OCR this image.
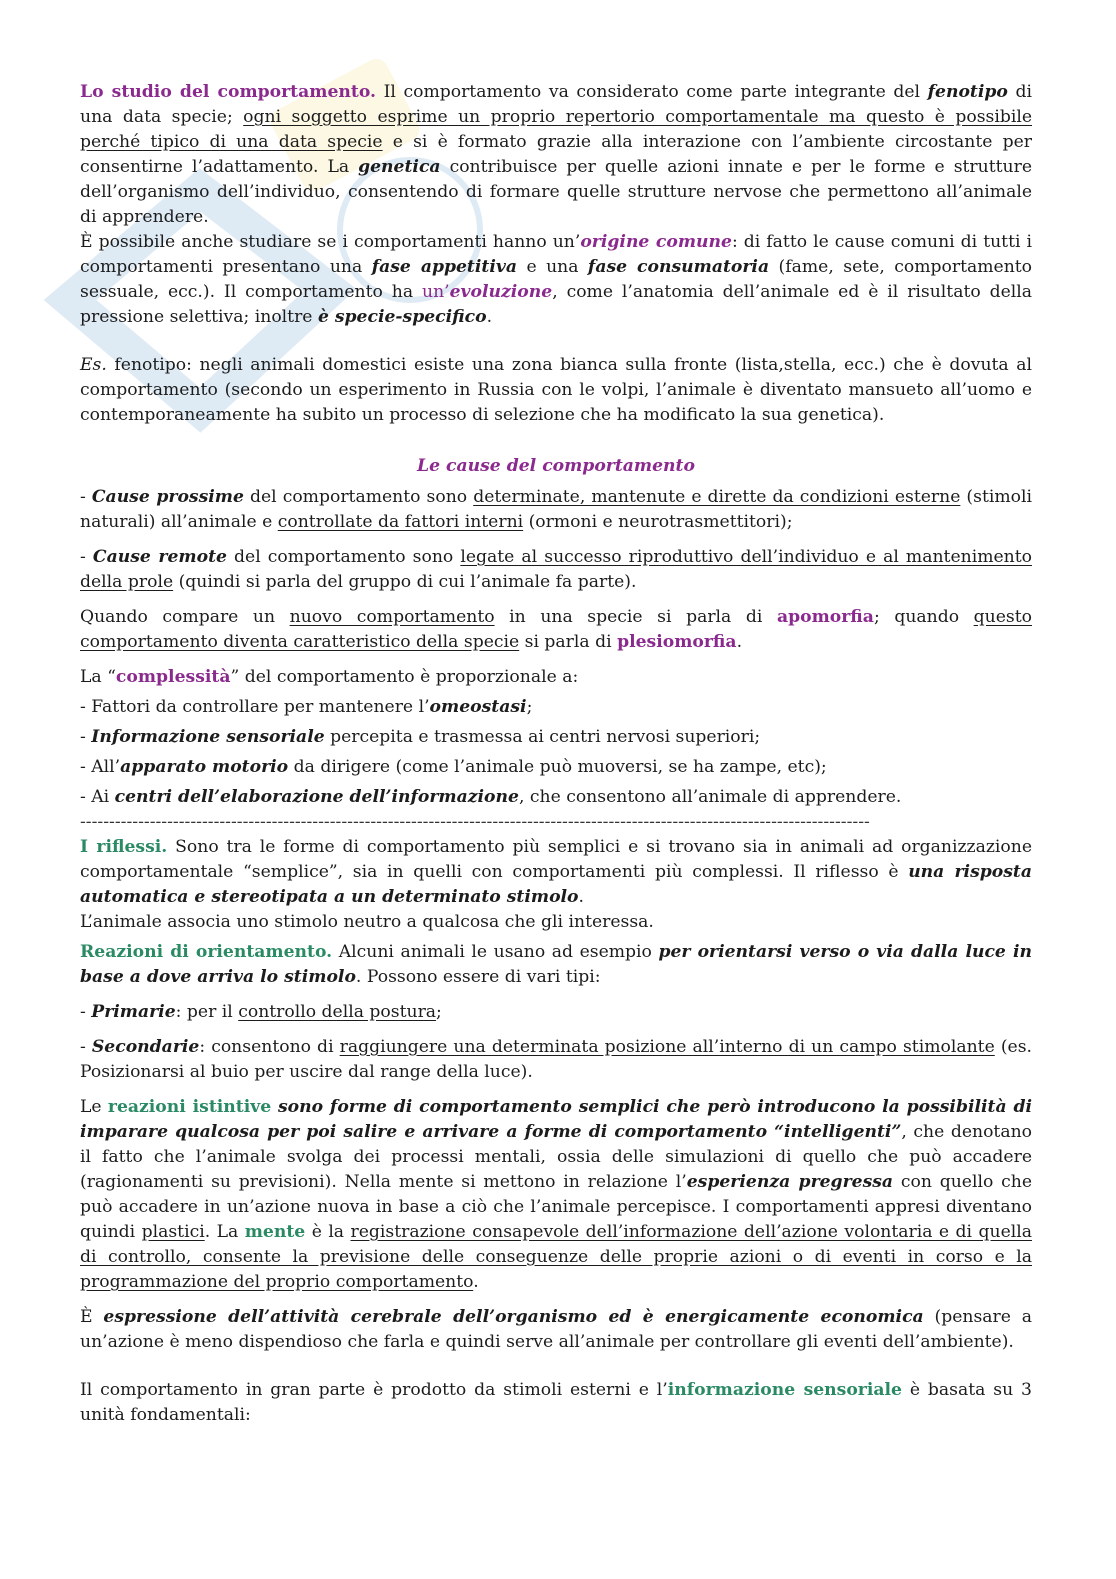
Lo studio del comportamento. Il comportamento va considerato come parte integrante del fenotipo di una data specie; ogni soggetto esprime un proprio repertorio comportamentale ma questo è possibile perché tipico di una data specie e si è formato grazie alla interazione con l’ambiente circostante per consentirne l’adattamento. La genetica contribuisce per quelle azioni innate e per le forme e strutture dell’organismo dell’individuo, consentendo di formare quelle strutture nervose che permettono all’animale di apprendere.

È possibile anche studiare se i comportamenti hanno un’origine comune: di fatto le cause comuni di tutti i comportamenti presentano una fase appetitiva e una fase consumatoria (fame, sete, comportamento sessuale, ecc.). Il comportamento ha un’evoluzione, come l’anatomia dell’animale ed è il risultato della pressione selettiva; inoltre è specie-specifico.

Es. fenotipo: negli animali domestici esiste una zona bianca sulla fronte (lista,stella, ecc.) che è dovuta al comportamento (secondo un esperimento in Russia con le volpi, l’animale è diventato mansueto all’uomo e contemporaneamente ha subito un processo di selezione che ha modificato la sua genetica).

Le cause del comportamento

- Cause prossime del comportamento sono determinate, mantenute e dirette da condizioni esterne (stimoli naturali) all’animale e controllate da fattori interni (ormoni e neurotrasmettitori);

- Cause remote del comportamento sono legate al successo riproduttivo dell’individuo e al mantenimento della prole (quindi si parla del gruppo di cui l’animale fa parte).

Quando compare un nuovo comportamento in una specie si parla di apomorfia; quando questo comportamento diventa caratteristico della specie si parla di plesiomorfia.

La “complessità” del comportamento è proporzionale a:

- Fattori da controllare per mantenere l’omeostasi;

- Informazione sensoriale percepita e trasmessa ai centri nervosi superiori;

- All’apparato motorio da dirigere (come l’animale può muoversi, se ha zampe, etc);

- Ai centri dell’elaborazione dell’informazione, che consentono all’animale di apprendere.

----------------------------------------------------------------------------------------------------------------------------------------

I riflessi. Sono tra le forme di comportamento più semplici e si trovano sia in animali ad organizzazione comportamentale “semplice”, sia in quelli con comportamenti più complessi. Il riflesso è una risposta automatica e stereotipata a un determinato stimolo.

L’animale associa uno stimolo neutro a qualcosa che gli interessa.

Reazioni di orientamento. Alcuni animali le usano ad esempio per orientarsi verso o via dalla luce in base a dove arriva lo stimolo. Possono essere di vari tipi:

- Primarie: per il controllo della postura;

- Secondarie: consentono di raggiungere una determinata posizione all’interno di un campo stimolante (es. Posizionarsi al buio per uscire dal range della luce).

Le reazioni istintive sono forme di comportamento semplici che però introducono la possibilità di imparare qualcosa per poi salire e arrivare a forme di comportamento “intelligenti”, che denotano il fatto che l’animale svolga dei processi mentali, ossia delle simulazioni di quello che può accadere (ragionamenti su previsioni). Nella mente si mettono in relazione l’esperienza pregressa con quello che può accadere in un’azione nuova in base a ciò che l’animale percepisce. I comportamenti appresi diventano quindi plastici. La mente è la registrazione consapevole dell’informazione dell’azione volontaria e di quella di controllo, consente la previsione delle conseguenze delle proprie azioni o di eventi in corso e la programmazione del proprio comportamento.

È espressione dell’attività cerebrale dell’organismo ed è energicamente economica (pensare a un’azione è meno dispendioso che farla e quindi serve all’animale per controllare gli eventi dell’ambiente).

Il comportamento in gran parte è prodotto da stimoli esterni e l’informazione sensoriale è basata su 3 unità fondamentali:
